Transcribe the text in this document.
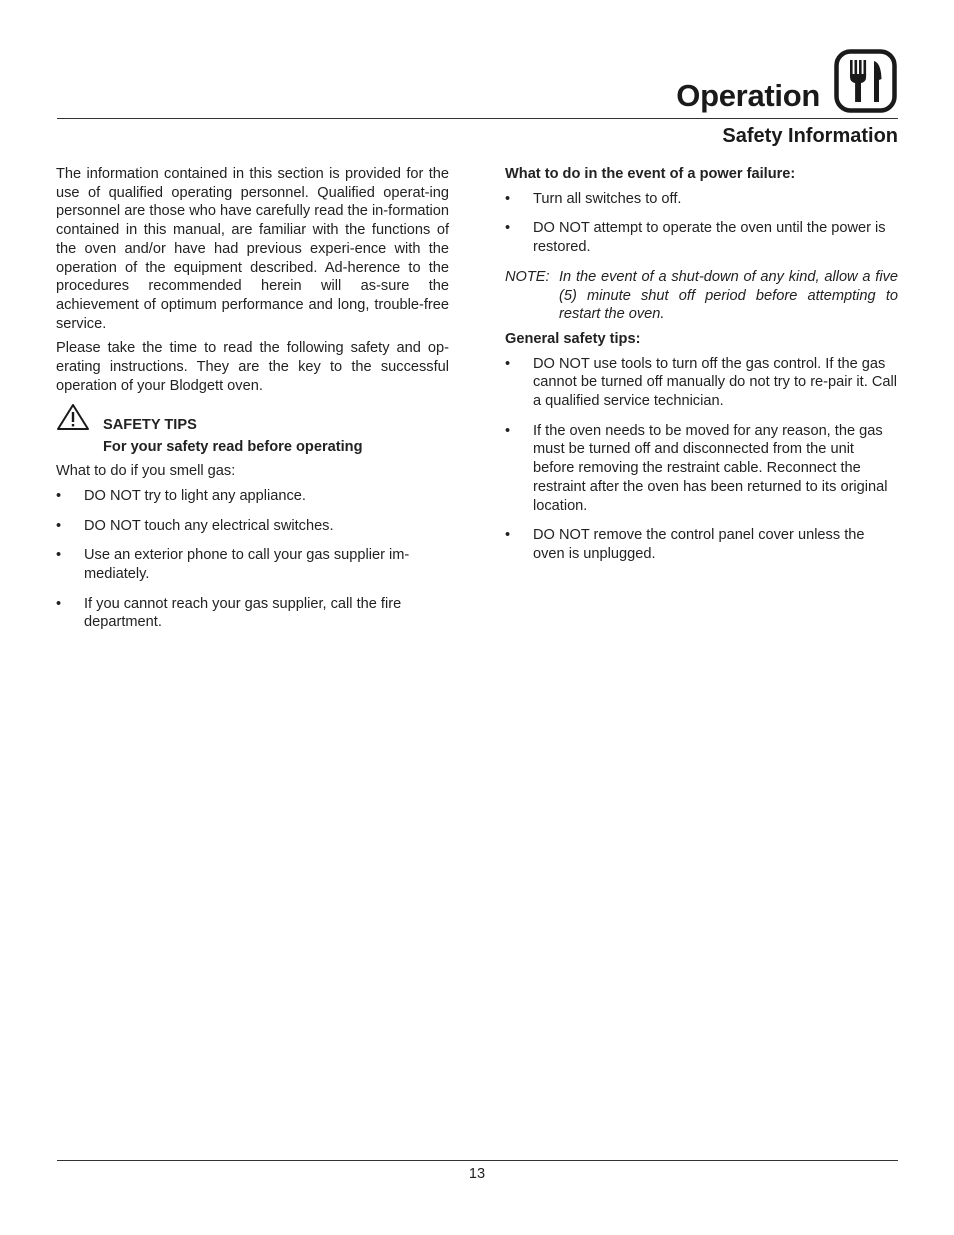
Operation
Safety Information

The information contained in this section is provided for the use of qualified operating personnel. Qualified operat-ing personnel are those who have carefully read the in-formation contained in this manual, are familiar with the functions of the oven and/or have had previous experi-ence with the operation of the equipment described. Ad-herence to the procedures recommended herein will as-sure the achievement of optimum performance and long, trouble-free service.

Please take the time to read the following safety and op-erating instructions. They are the key to the successful operation of your Blodgett oven.

SAFETY TIPS

For your safety read before operating

What to do if you smell gas:

• DO NOT try to light any appliance.
• DO NOT touch any electrical switches.
• Use an exterior phone to call your gas supplier im-mediately.
• If you cannot reach your gas supplier, call the fire department.

What to do in the event of a power failure:

• Turn all switches to off.
• DO NOT attempt to operate the oven until the power is restored.
NOTE: In the event of a shut-down of any kind, allow a five (5) minute shut off period before attempting to restart the oven.

General safety tips:

• DO NOT use tools to turn off the gas control. If the gas cannot be turned off manually do not try to re-pair it. Call a qualified service technician.
• If the oven needs to be moved for any reason, the gas must be turned off and disconnected from the unit before removing the restraint cable. Reconnect the restraint after the oven has been returned to its original location.
• DO NOT remove the control panel cover unless the oven is unplugged.
13
